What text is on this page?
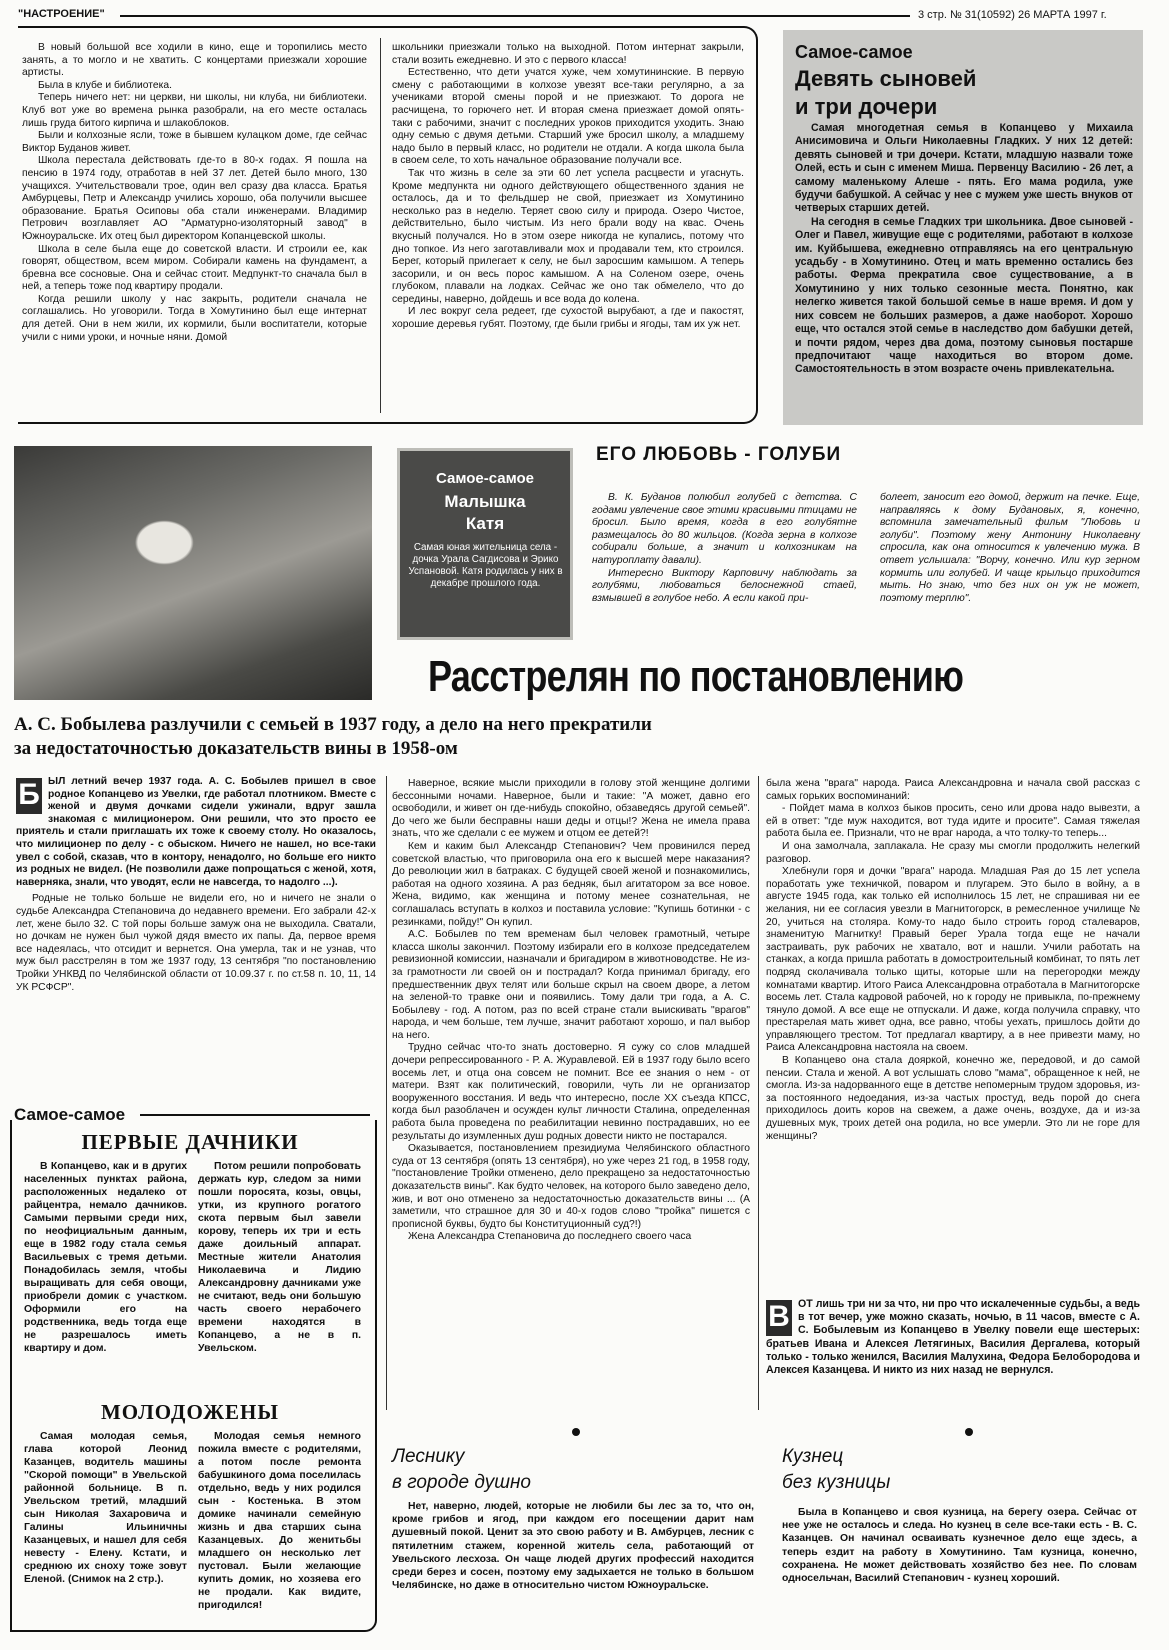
"НАСТРОЕНИЕ"	3 стр. № 31(10592) 26 МАРТА 1997 г.

В новый большой все ходили в кино, еще и торопились место занять, а то могло и не хватить. С концертами приезжали хорошие артисты.

Была в клубе и библиотека.

Теперь ничего нет: ни церкви, ни школы, ни клуба, ни библиотеки. Клуб вот уже во времена рынка разобрали, на его месте осталась лишь груда битого кирпича и шлакоблоков.

Были и колхозные ясли, тоже в бывшем кулацком доме, где сейчас Виктор Буданов живет.

Школа перестала действовать где-то в 80-х годах. Я пошла на пенсию в 1974 году, отработав в ней 37 лет. Детей было много, 130 учащихся. Учительствовали трое, один вел сразу два класса. Братья Амбурцевы, Петр и Александр учились хорошо, оба получили высшее образование. Братья Осиповы оба стали инженерами. Владимир Петрович возглавляет АО "Арматурно-изоляторный завод" в Южноуральске. Их отец был директором Копанцевской школы.

Школа в селе была еще до советской власти. И строили ее, как говорят, обществом, всем миром. Собирали камень на фундамент, а бревна все сосновые. Она и сейчас стоит. Медпункт-то сначала был в ней, а теперь тоже под квартиру продали.

Когда решили школу у нас закрыть, родители сначала не соглашались. Но уговорили. Тогда в Хомутинино был еще интернат для детей. Они в нем жили, их кормили, были воспитатели, которые учили с ними уроки, и ночные няни. Домой

школьники приезжали только на выходной. Потом интернат закрыли, стали возить ежедневно. И это с первого класса!

Естественно, что дети учатся хуже, чем хомутининские. В первую смену с работающими в колхозе увезят все-таки регулярно, а за учениками второй смены порой и не приезжают. То дорога не расчищена, то горючего нет. И вторая смена приезжает домой опять-таки с рабочими, значит с последних уроков приходится уходить. Знаю одну семью с двумя детьми. Старший уже бросил школу, а младшему надо было в первый класс, но родители не отдали. А когда школа была в своем селе, то хоть начальное образование получали все.

Так что жизнь в селе за эти 60 лет успела расцвести и угаснуть. Кроме медпункта ни одного действующего общественного здания не осталось, да и то фельдшер не свой, приезжает из Хомутинино несколько раз в неделю. Теряет свою силу и природа. Озеро Чистое, действительно, было чистым. Из него брали воду на квас. Очень вкусный получался. Но в этом озере никогда не купались, потому что дно топкое. Из него заготавливали мох и продавали тем, кто строился. Берег, который прилегает к селу, не был заросшим камышом. А теперь засорили, и он весь порос камышом. А на Соленом озере, очень глубоком, плавали на лодках. Сейчас же оно так обмелело, что до середины, наверно, дойдешь и все вода до колена.

И лес вокруг села редеет, где сухостой вырубают, а где и пакостят, хорошие деревья губят. Поэтому, где были грибы и ягоды, там их уж нет.

Самое-самое
Девять сыновей
и три дочери

Самая многодетная семья в Копанцево у Михаила Анисимовича и Ольги Николаевны Гладких. У них 12 детей: девять сыновей и три дочери. Кстати, младшую назвали тоже Олей, есть и сын с именем Миша. Первенцу Василию - 26 лет, а самому маленькому Алеше - пять. Его мама родила, уже будучи бабушкой. А сейчас у нее с мужем уже шесть внуков от четверых старших детей.

На сегодня в семье Гладких три школьника. Двое сыновей - Олег и Павел, живущие еще с родителями, работают в колхозе им. Куйбышева, ежедневно отправляясь на его центральную усадьбу - в Хомутинино. Отец и мать временно остались без работы. Ферма прекратила свое существование, а в Хомутинино у них только сезонные места. Понятно, как нелегко живется такой большой семье в наше время. И дом у них совсем не больших размеров, а даже наоборот. Хорошо еще, что остался этой семье в наследство дом бабушки детей, и почти рядом, через два дома, поэтому сыновья постарше предпочитают чаще находиться во втором доме. Самостоятельность в этом возрасте очень привлекательна.

Самое-самое
Малышка
Катя
Самая юная жительница села - дочка Урала Сагдисова и Эрико Успановой. Катя родилась у них в декабре прошлого года.
ЕГО ЛЮБОВЬ - ГОЛУБИ

В. К. Буданов полюбил голубей с детства. С годами увлечение свое этими красивыми птицами не бросил. Было время, когда в его голубятне размещалось до 80 жильцов. (Когда зерна в колхозе собирали больше, а значит и колхозникам на натуроплату давали).

Интересно Виктору Карповичу наблюдать за голубями, любоваться белоснежной стаей, взмывшей в голубое небо. А если какой при-

болеет, заносит его домой, держит на печке. Еще, направляясь к дому Будановых, я, конечно, вспомнила замечательный фильм "Любовь и голуби". Поэтому жену Антонину Николаевну спросила, как она относится к увлечению мужа. В ответ услышала: "Ворчу, конечно. Или кур зерном кормить или голубей. И чаще крыльцо приходится мыть. Но знаю, что без них он уж не может, поэтому терплю".

Расстрелян по постановлению
А. С. Бобылева разлучили с семьей в 1937 году, а дело на него прекратили
за недостаточностью доказательств вины в 1958-ом

Б ЫЛ летний вечер 1937 года. А. С. Бобылев пришел в свое родное Копанцево из Увелки, где работал плотником. Вместе с женой и двумя дочками сидели ужинали, вдруг зашла знакомая с милиционером. Они решили, что это просто ее приятель и стали приглашать их тоже к своему столу. Но оказалось, что милиционер по делу - с обыском. Ничего не нашел, но все-таки увел с собой, сказав, что в контору, ненадолго, но больше его никто из родных не видел. (Не позволили даже попрощаться с женой, хотя, наверняка, знали, что уводят, если не навсегда, то надолго ...).

Родные не только больше не видели его, но и ничего не знали о судьбе Александра Степановича до недавнего времени. Его забрали 42-х лет, жене было 32. С той поры больше замуж она не выходила. Сватали, но дочкам не нужен был чужой дядя вместо их папы. Да, первое время все надеялась, что отсидит и вернется. Она умерла, так и не узнав, что муж был расстрелян в том же 1937 году, 13 сентября "по постановлению Тройки УНКВД по Челябинской области от 10.09.37 г. по ст.58 п. 10, 11, 14 УК РСФСР".

Самое-самое
ПЕРВЫЕ ДАЧНИКИ

В Копанцево, как и в других населенных пунктах района, расположенных недалеко от райцентра, немало дачников. Самыми первыми среди них, по неофициальным данным, еще в 1982 году стала семья Васильевых с тремя детьми. Понадобилась земля, чтобы выращивать для себя овощи, приобрели домик с участком. Оформили его на родственника, ведь тогда еще не разрешалось иметь квартиру и дом.

Потом решили попробовать держать кур, следом за ними пошли поросята, козы, овцы, утки, из крупного рогатого скота первым был завели корову, теперь их три и есть даже доильный аппарат. Местные жители Анатолия Николаевича и Лидию Александровну дачниками уже не считают, ведь они большую часть своего нерабочего времени находятся в Копанцево, а не в п. Увельском.

МОЛОДОЖЕНЫ

Самая молодая семья, глава которой Леонид Казанцев, водитель машины "Скорой помощи" в Увельской районной больнице. В п. Увельском третий, младший сын Николая Захаровича и Галины Ильиничны Казанцевых, и нашел для себя невесту - Елену. Кстати, и среднюю их сноху тоже зовут Еленой. (Снимок на 2 стр.).

Молодая семья немного пожила вместе с родителями, а потом после ремонта бабушкиного дома поселилась отдельно, ведь у них родился сын - Костенька. В этом домике начинали семейную жизнь и два старших сына Казанцевых. До женитьбы младшего он несколько лет пустовал. Были желающие купить домик, но хозяева его не продали. Как видите, пригодился!

Наверное, всякие мысли приходили в голову этой женщине долгими бессонными ночами. Наверное, были и такие: "А может, давно его освободили, и живет он где-нибудь спокойно, обзаведясь другой семьей". До чего же были бесправны наши деды и отцы!? Жена не имела права знать, что же сделали с ее мужем и отцом ее детей?!

Кем и каким был Александр Степанович? Чем провинился перед советской властью, что приговорила она его к высшей мере наказания? До революции жил в батраках. С будущей своей женой и познакомились, работая на одного хозяина. А раз бедняк, был агитатором за все новое. Жена, видимо, как женщина и потому менее сознательная, не соглашалась вступать в колхоз и поставила условие: "Купишь ботинки - с резинками, пойду!" Он купил.

А.С. Бобылев по тем временам был человек грамотный, четыре класса школы закончил. Поэтому избирали его в колхозе председателем ревизионной комиссии, назначали и бригадиром в животноводстве. Не из-за грамотности ли своей он и пострадал? Когда принимал бригаду, его предшественник двух телят или больше скрыл на своем дворе, а летом на зеленой-то травке они и появились. Тому дали три года, а А. С. Бобылеву - год. А потом, раз по всей стране стали выискивать "врагов" народа, и чем больше, тем лучше, значит работают хорошо, и пал выбор на него.

Трудно сейчас что-то знать достоверно. Я сужу со слов младшей дочери репрессированного - Р. А. Журавлевой. Ей в 1937 году было всего восемь лет, и отца она совсем не помнит. Все ее знания о нем - от матери. Взят как политический, говорили, чуть ли не организатор вооруженного восстания. И ведь что интересно, после XX съезда КПСС, когда был разоблачен и осужден культ личности Сталина, определенная работа была проведена по реабилитации невинно пострадавших, но ее результаты до изумленных душ родных довести никто не постарался.

Оказывается, постановлением президиума Челябинского областного суда от 13 сентября (опять 13 сентября), но уже через 21 год, в 1958 году, "постановление Тройки отменено, дело прекращено за недостаточностью доказательств вины". Как будто человек, на которого было заведено дело, жив, и вот оно отменено за недостаточностью доказательств вины ... (А заметили, что страшное для 30 и 40-х годов слово "тройка" пишется с прописной буквы, будто бы Конституционный суд?!)

Жена Александра Степановича до последнего своего часа

была жена "врага" народа. Раиса Александровна и начала свой рассказ с самых горьких воспоминаний:

- Пойдет мама в колхоз быков просить, сено или дрова надо вывезти, а ей в ответ: "где муж находится, вот туда идите и просите". Самая тяжелая работа была ее. Признали, что не враг народа, а что толку-то теперь...

И она замолчала, заплакала. Не сразу мы смогли продолжить нелегкий разговор.

Хлебнули горя и дочки "врага" народа. Младшая Рая до 15 лет успела поработать уже техничкой, поваром и плугарем. Это было в войну, а в августе 1945 года, как только ей исполнилось 15 лет, не спрашивая ни ее желания, ни ее согласия увезли в Магнитогорск, в ремесленное училище № 20, учиться на столяра. Кому-то надо было строить город сталеваров, знаменитую Магнитку! Правый берег Урала тогда еще не начали застраивать, рук рабочих не хватало, вот и нашли. Учили работать на станках, а когда пришла работать в домостроительный комбинат, то пять лет подряд сколачивала только щиты, которые шли на перегородки между комнатами квартир. Итого Раиса Александровна отработала в Магнитогорске восемь лет. Стала кадровой рабочей, но к городу не привыкла, по-прежнему тянуло домой. А все еще не отпускали. И даже, когда получила справку, что престарелая мать живет одна, все равно, чтобы уехать, пришлось дойти до управляющего трестом. Тот предлагал квартиру, а в нее привезти маму, но Раиса Александровна настояла на своем.

В Копанцево она стала дояркой, конечно же, передовой, и до самой пенсии. Стала и женой. А вот услышать слово "мама", обращенное к ней, не смогла. Из-за надорванного еще в детстве непомерным трудом здоровья, из-за постоянного недоедания, из-за частых простуд, ведь порой до снега приходилось доить коров на свежем, а даже очень, воздухе, да и из-за душевных мук, троих детей она родила, но все умерли. Это ли не горе для женщины?

В ОТ лишь три ни за что, ни про что искалеченные судьбы, а ведь в тот вечер, уже можно сказать, ночью, в 11 часов, вместе с А. С. Бобылевым из Копанцево в Увелку повели еще шестерых: братьев Ивана и Алексея Летягиных, Василия Дергалева, который только - только женился, Василия Малухина, Федора Белобородова и Алексея Казанцева. И никто из них назад не вернулся.

Леснику
в городе душно

Нет, наверно, людей, которые не любили бы лес за то, что он, кроме грибов и ягод, при каждом его посещении дарит нам душевный покой. Ценит за это свою работу и В. Амбурцев, лесник с пятилетним стажем, коренной житель села, работающий от Увельского лесхоза. Он чаще людей других профессий находится среди берез и сосен, поэтому ему задыхается не только в большом Челябинске, но даже в относительно чистом Южноуральске.

Кузнец
без кузницы

Была в Копанцево и своя кузница, на берегу озера. Сейчас от нее уже не осталось и следа. Но кузнец в селе все-таки есть - В. С. Казанцев. Он начинал осваивать кузнечное дело еще здесь, а теперь ездит на работу в Хомутинино. Там кузница, конечно, сохранена. Не может действовать хозяйство без нее. По словам односельчан, Василий Степанович - кузнец хороший.
